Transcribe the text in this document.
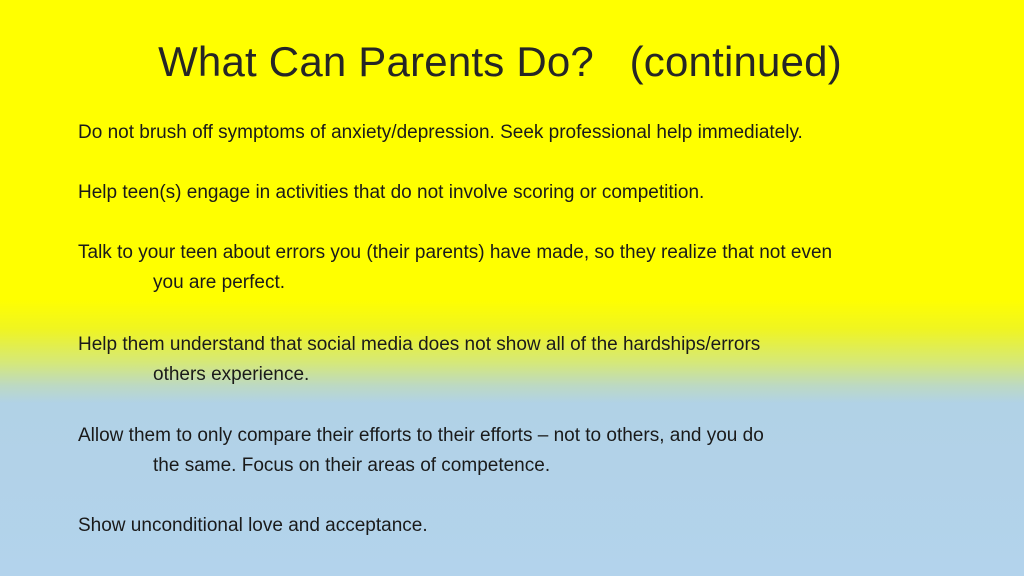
What Can Parents Do?   (continued)
Do not brush off symptoms of anxiety/depression. Seek professional help immediately.
Help teen(s) engage in activities that do not involve scoring or competition.
Talk to your teen about errors you (their parents) have made, so they realize that not even
you are perfect.
Help them understand that social media does not show all of the hardships/errors
others experience.
Allow them to only compare their efforts to their efforts – not to others, and you do
the same. Focus on their areas of competence.
Show unconditional love and acceptance.
